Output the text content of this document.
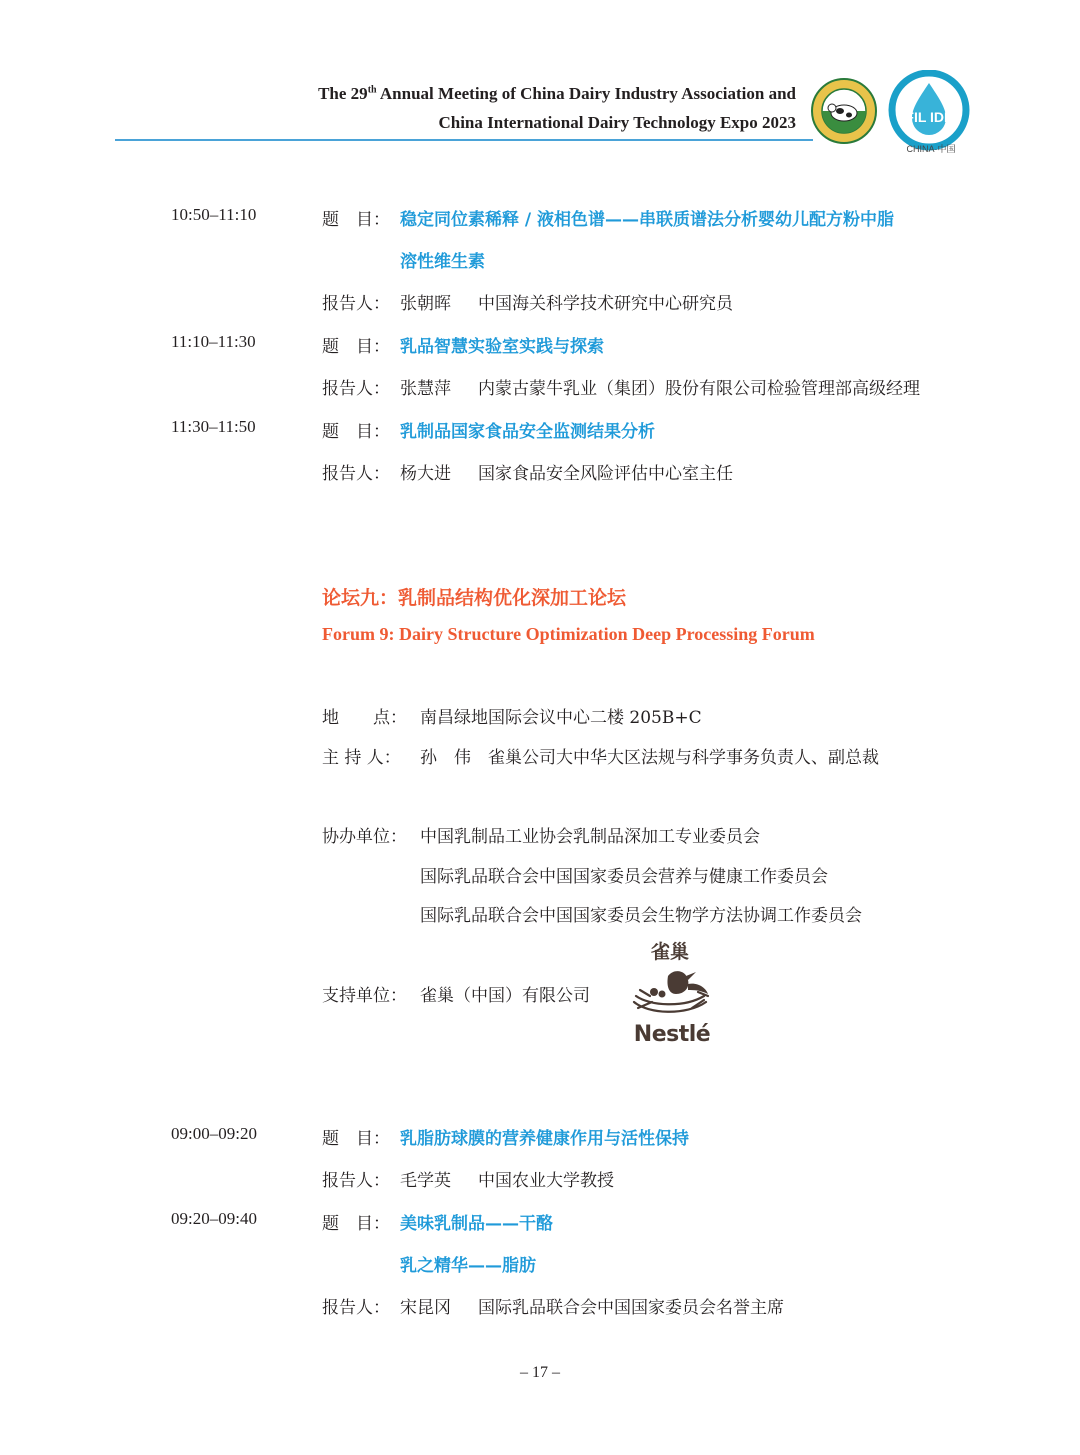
The 29th Annual Meeting of China Dairy Industry Association and
China International Dairy Technology Expo 2023	FIL IDF
CHINA·中国
10:50–11:10	题　目： 稳定同位素稀释 / 液相色谱——串联质谱法分析婴幼儿配方粉中脂
溶性维生素
报告人： 张朝晖 中国海关科学技术研究中心研究员
11:10–11:30	题　目： 乳品智慧实验室实践与探索
报告人： 张慧萍 内蒙古蒙牛乳业（集团）股份有限公司检验管理部高级经理
11:30–11:50	题　目： 乳制品国家食品安全监测结果分析
报告人： 杨大进 国家食品安全风险评估中心室主任
论坛九：乳制品结构优化深加工论坛
Forum 9: Dairy Structure Optimization Deep Processing Forum
地　　点： 南昌绿地国际会议中心二楼 205B+C
主 持 人： 孙　伟　雀巢公司大中华大区法规与科学事务负责人、副总裁
协办单位： 中国乳制品工业协会乳制品深加工专业委员会
国际乳品联合会中国国家委员会营养与健康工作委员会
国际乳品联合会中国国家委员会生物学方法协调工作委员会
支持单位： 雀巢（中国）有限公司
雀巢
Nestlé
09:00–09:20	题　目： 乳脂肪球膜的营养健康作用与活性保持
报告人： 毛学英 中国农业大学教授
09:20–09:40	题　目： 美味乳制品——干酪
乳之精华——脂肪
报告人： 宋昆冈 国际乳品联合会中国国家委员会名誉主席
– 17 –
